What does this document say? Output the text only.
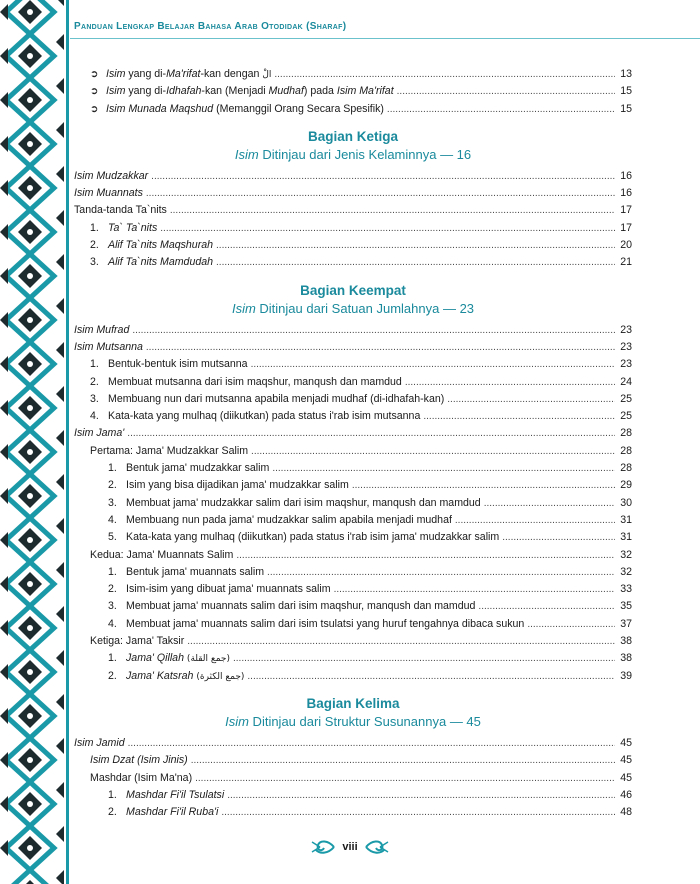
Panduan Lengkap Belajar Bahasa Arab Otodidak (Sharaf)
➲ Isim yang di-Ma'rifat-kan dengan الْ .....	13
➲ Isim yang di-Idhafah-kan (Menjadi Mudhaf) pada Isim Ma'rifat .....	15
➲ Isim Munada Maqshud (Memanggil Orang Secara Spesifik) .....	15
Bagian Ketiga
Isim Ditinjau dari Jenis Kelaminnya — 16
Isim Mudzakkar .....	16
Isim Muannats .....	16
Tanda-tanda Ta`nits .....	17
1. Ta` Ta`nits .....	17
2. Alif Ta`nits Maqshurah .....	20
3. Alif Ta`nits Mamdudah .....	21
Bagian Keempat
Isim Ditinjau dari Satuan Jumlahnya — 23
Isim Mufrad .....	23
Isim Mutsanna .....	23
1. Bentuk-bentuk isim mutsanna .....	23
2. Membuat mutsanna dari isim maqshur, manqush dan mamdud .....	24
3. Membuang nun dari mutsanna apabila menjadi mudhaf (di-idhafah-kan) .....	25
4. Kata-kata yang mulhaq (diikutkan) pada status i'rab isim mutsanna .....	25
Isim Jama' .....	28
Pertama: Jama' Mudzakkar Salim .....	28
1. Bentuk jama' mudzakkar salim .....	28
2. Isim yang bisa dijadikan jama' mudzakkar salim .....	29
3. Membuat jama' mudzakkar salim dari isim maqshur, manqush dan mamdud .....	30
4. Membuang nun pada jama' mudzakkar salim apabila menjadi mudhaf .....	31
5. Kata-kata yang mulhaq (diikutkan) pada status i'rab isim jama' mudzakkar salim .....	31
Kedua: Jama' Muannats Salim .....	32
1. Bentuk jama' muannats salim .....	32
2. Isim-isim yang dibuat jama' muannats salim .....	33
3. Membuat jama' muannats salim dari isim maqshur, manqush dan mamdud .....	35
4. Membuat jama' muannats salim dari isim tsulatsi yang huruf tengahnya dibaca sukun .....	37
Ketiga: Jama' Taksir .....	38
1. Jama' Qillah (جمع القلة) .....	38
2. Jama' Katsrah (جمع الكثرة) .....	39
Bagian Kelima
Isim Ditinjau dari Struktur Susunannya — 45
Isim Jamid .....	45
Isim Dzat (Isim Jinis) .....	45
Mashdar (Isim Ma'na) .....	45
1. Mashdar Fi'il Tsulatsi .....	46
2. Mashdar Fi'il Ruba'i .....	48
viii
